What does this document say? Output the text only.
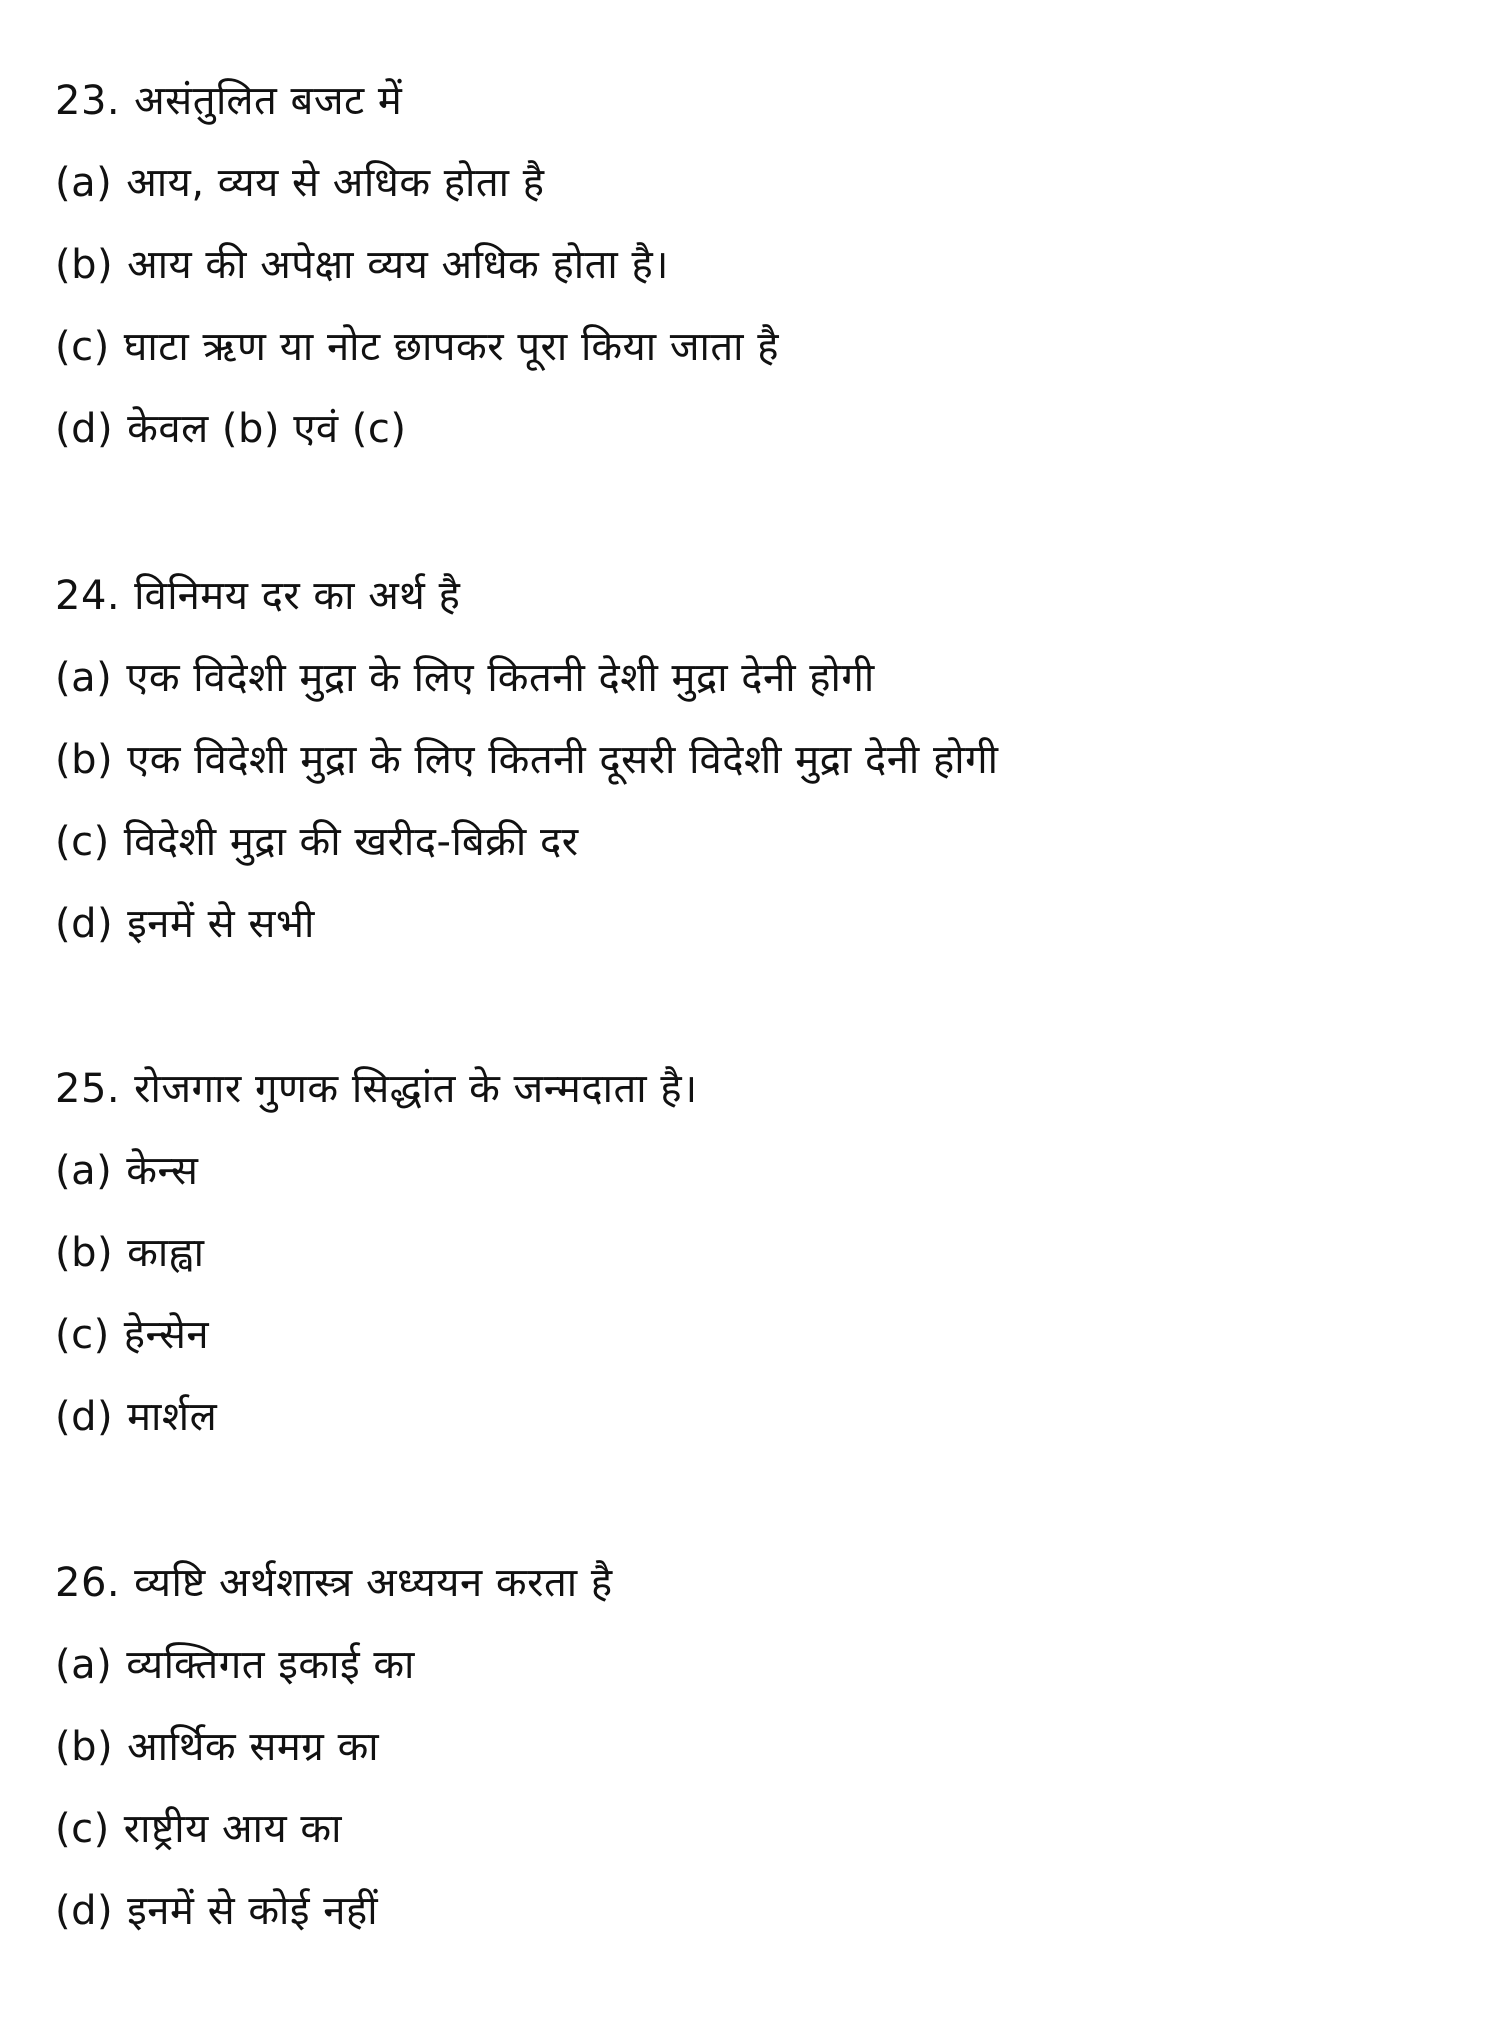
23. असंतुलित बजट में
(a) आय, व्यय से अधिक होता है
(b) आय की अपेक्षा व्यय अधिक होता है।
(c) घाटा ऋण या नोट छापकर पूरा किया जाता है
(d) केवल (b) एवं (c)
24. विनिमय दर का अर्थ है
(a) एक विदेशी मुद्रा के लिए कितनी देशी मुद्रा देनी होगी
(b) एक विदेशी मुद्रा के लिए कितनी दूसरी विदेशी मुद्रा देनी होगी
(c) विदेशी मुद्रा की खरीद-बिक्री दर
(d) इनमें से सभी
25. रोजगार गुणक सिद्धांत के जन्मदाता है।
(a) केन्स
(b) काह्वा
(c) हेन्सेन
(d) मार्शल
26. व्यष्टि अर्थशास्त्र अध्ययन करता है
(a) व्यक्तिगत इकाई का
(b) आर्थिक समग्र का
(c) राष्ट्रीय आय का
(d) इनमें से कोई नहीं
